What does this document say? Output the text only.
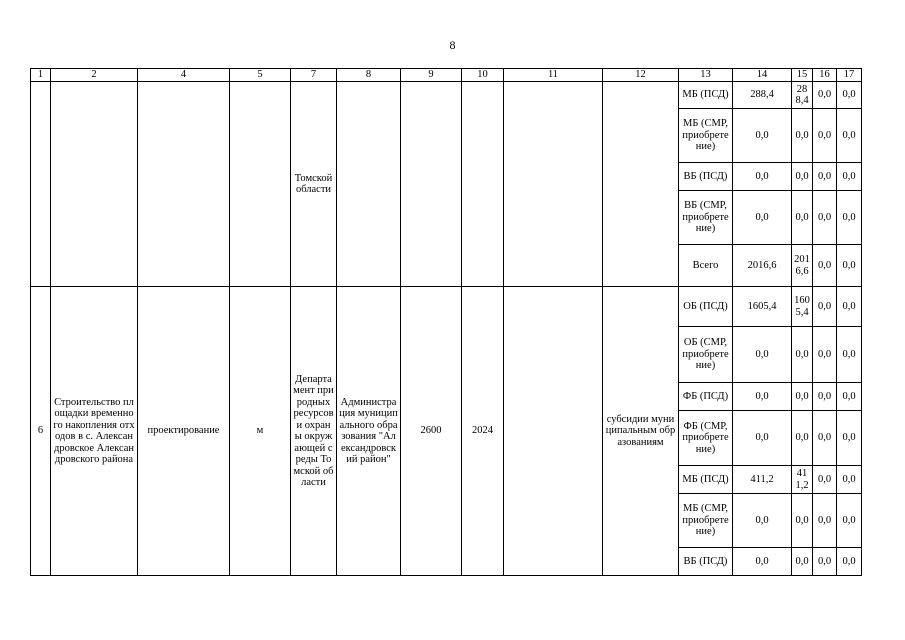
8
1	2	4	5	7	8	9	10	11	12	13	14	15	16	17
				Томской области						МБ (ПСД)	288,4	288,4	0,0	0,0
										МБ (СМР, приобретение)	0,0	0,0	0,0	0,0
										ВБ (ПСД)	0,0	0,0	0,0	0,0
										ВБ (СМР, приобретение)	0,0	0,0	0,0	0,0
										Всего	2016,6	2016,6	0,0	0,0
6	Строительство площадки временного накопления отходов в с. Александровское Александровского района	проектирование	м	Департамент природных ресурсов и охраны окружающей среды Томской области	Администрация муниципального образования "Александровский район"	2600	2024		субсидии муниципальным образованиям	ОБ (ПСД)	1605,4	1605,4	0,0	0,0
										ОБ (СМР, приобретение)	0,0	0,0	0,0	0,0
										ФБ (ПСД)	0,0	0,0	0,0	0,0
										ФБ (СМР, приобретение)	0,0	0,0	0,0	0,0
										МБ (ПСД)	411,2	411,2	0,0	0,0
										МБ (СМР, приобретение)	0,0	0,0	0,0	0,0
										ВБ (ПСД)	0,0	0,0	0,0	0,0
